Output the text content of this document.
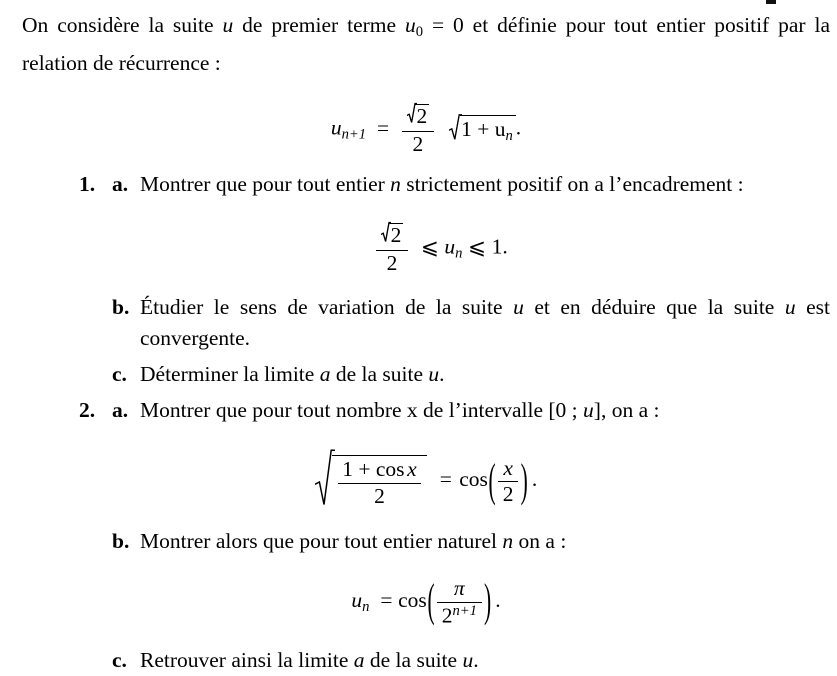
On considère la suite u de premier terme $u_0 = 0$ et définie pour tout entier positif par la relation de récurrence :

$u_{n+1} = \frac{2}{2} 1 + u_n$ .
1. a. Montrer que pour tout entier n strictement positif on a l’encadrement :
$\frac{2}{2}$ ⩽ $u_n$ ⩽ 1.
b. Étudier le sens de variation de la suite u et en déduire que la suite u est convergente.
c. Déterminer la limite a de la suite u.
2. a. Montrer que pour tout nombre x de l’intervalle [0 ; u], on a :
$\frac{\text{1 + cos x}}{2} = \cos( \frac{x}{2}$ ) .
b. Montrer alors que pour tout entier naturel n on a :
$u_n = \cos( \frac{\pi}{2^{n+1}}$ ) .
c. Retrouver ainsi la limite a de la suite u.
